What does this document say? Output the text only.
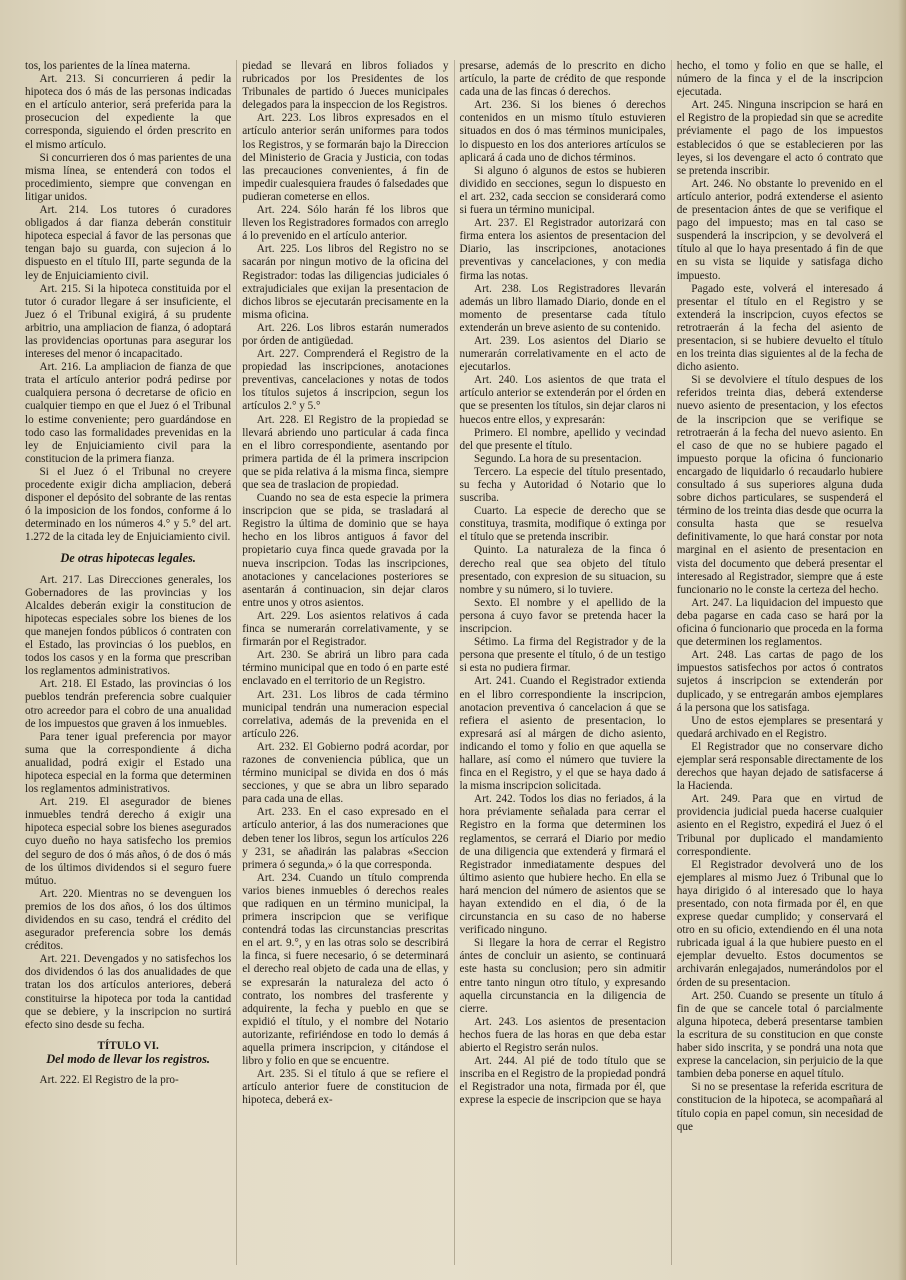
tos, los parientes de la línea materna.

Art. 213. Si concurrieren á pedir la hipoteca dos ó más de las personas indicadas en el artículo anterior, será preferida para la prosecucion del expediente la que corresponda, siguiendo el órden prescrito en el mismo artículo.

Si concurrieren dos ó mas parientes de una misma línea, se entenderá con todos el procedimiento, siempre que convengan en litigar unidos.

Art. 214. Los tutores ó curadores obligados á dar fianza deberán constituir hipoteca especial á favor de las personas que tengan bajo su guarda, con sujecion á lo dispuesto en el título III, parte segunda de la ley de Enjuiciamiento civil.

Art. 215. Si la hipoteca constituida por el tutor ó curador llegare á ser insuficiente, el Juez ó el Tribunal exigirá, á su prudente arbitrio, una ampliacion de fianza, ó adoptará las providencias oportunas para asegurar los intereses del menor ó incapacitado.

Art. 216. La ampliacion de fianza de que trata el artículo anterior podrá pedirse por cualquiera persona ó decretarse de oficio en cualquier tiempo en que el Juez ó el Tribunal lo estime conveniente; pero guardándose en todo caso las formalidades prevenidas en la ley de Enjuiciamiento civil para la constitucion de la primera fianza.

Si el Juez ó el Tribunal no creyere procedente exigir dicha ampliacion, deberá disponer el depósito del sobrante de las rentas ó la imposicion de los fondos, conforme á lo determinado en los números 4.° y 5.° del art. 1.272 de la citada ley de Enjuiciamiento civil.

De otras hipotecas legales.

Art. 217. Las Direcciones generales, los Gobernadores de las provincias y los Alcaldes deberán exigir la constitucion de hipotecas especiales sobre los bienes de los que manejen fondos públicos ó contraten con el Estado, las provincias ó los pueblos, en todos los casos y en la forma que prescriban los reglamentos administrativos.

Art. 218. El Estado, las provincias ó los pueblos tendrán preferencia sobre cualquier otro acreedor para el cobro de una anualidad de los impuestos que graven á los inmuebles.

Para tener igual preferencia por mayor suma que la correspondiente á dicha anualidad, podrá exigir el Estado una hipoteca especial en la forma que determinen los reglamentos administrativos.

Art. 219. El asegurador de bienes inmuebles tendrá derecho á exigir una hipoteca especial sobre los bienes asegurados cuyo dueño no haya satisfecho los premios del seguro de dos ó más años, ó de dos ó más de los últimos dividendos si el seguro fuere mútuo.

Art. 220. Mientras no se devenguen los premios de los dos años, ó los dos últimos dividendos en su caso, tendrá el crédito del asegurador preferencia sobre los demás créditos.

Art. 221. Devengados y no satisfechos los dos dividendos ó las dos anualidades de que tratan los dos artículos anteriores, deberá constituirse la hipoteca por toda la cantidad que se debiere, y la inscripcion no surtirá efecto sino desde su fecha.

TÍTULO VI.

Del modo de llevar los registros.

Art. 222. El Registro de la pro-

piedad se llevará en libros foliados y rubricados por los Presidentes de los Tribunales de partido ó Jueces municipales delegados para la inspeccion de los Registros.

Art. 223. Los libros expresados en el artículo anterior serán uniformes para todos los Registros, y se formarán bajo la Direccion del Ministerio de Gracia y Justicia, con todas las precauciones convenientes, á fin de impedir cualesquiera fraudes ó falsedades que pudieran cometerse en ellos.

Art. 224. Sólo harán fé los libros que lleven los Registradores formados con arreglo á lo prevenido en el artículo anterior.

Art. 225. Los libros del Registro no se sacarán por ningun motivo de la oficina del Registrador: todas las diligencias judiciales ó extrajudiciales que exijan la presentacion de dichos libros se ejecutarán precisamente en la misma oficina.

Art. 226. Los libros estarán numerados por órden de antigüedad.

Art. 227. Comprenderá el Registro de la propiedad las inscripciones, anotaciones preventivas, cancelaciones y notas de todos los títulos sujetos á inscripcion, segun los artículos 2.° y 5.°

Art. 228. El Registro de la propiedad se llevará abriendo uno particular á cada finca en el libro correspondiente, asentando por primera partida de él la primera inscripcion que se pida relativa á la misma finca, siempre que sea de traslacion de propiedad.

Cuando no sea de esta especie la primera inscripcion que se pida, se trasladará al Registro la última de dominio que se haya hecho en los libros antiguos á favor del propietario cuya finca quede gravada por la nueva inscripcion. Todas las inscripciones, anotaciones y cancelaciones posteriores se asentarán á continuacion, sin dejar claros entre unos y otros asientos.

Art. 229. Los asientos relativos á cada finca se numerarán correlativamente, y se firmarán por el Registrador.

Art. 230. Se abrirá un libro para cada término municipal que en todo ó en parte esté enclavado en el territorio de un Registro.

Art. 231. Los libros de cada término municipal tendrán una numeracion especial correlativa, además de la prevenida en el artículo 226.

Art. 232. El Gobierno podrá acordar, por razones de conveniencia pública, que un término municipal se divida en dos ó más secciones, y que se abra un libro separado para cada una de ellas.

Art. 233. En el caso expresado en el artículo anterior, á las dos numeraciones que deben tener los libros, segun los artículos 226 y 231, se añadirán las palabras «Seccion primera ó segunda,» ó la que corresponda.

Art. 234. Cuando un título comprenda varios bienes inmuebles ó derechos reales que radiquen en un término municipal, la primera inscripcion que se verifique contendrá todas las circunstancias prescritas en el art. 9.°, y en las otras solo se describirá la finca, si fuere necesario, ó se determinará el derecho real objeto de cada una de ellas, y se expresarán la naturaleza del acto ó contrato, los nombres del trasferente y adquirente, la fecha y pueblo en que se expidió el título, y el nombre del Notario autorizante, refiriéndose en todo lo demás á aquella primera inscripcion, y citándose el libro y folio en que se encuentre.

Art. 235. Si el título á que se refiere el artículo anterior fuere de constitucion de hipoteca, deberá ex-

presarse, además de lo prescrito en dicho artículo, la parte de crédito de que responde cada una de las fincas ó derechos.

Art. 236. Si los bienes ó derechos contenidos en un mismo título estuvieren situados en dos ó mas términos municipales, lo dispuesto en los dos anteriores artículos se aplicará á cada uno de dichos términos.

Si alguno ó algunos de estos se hubieren dividido en secciones, segun lo dispuesto en el art. 232, cada seccion se considerará como si fuera un término municipal.

Art. 237. El Registrador autorizará con firma entera los asientos de presentacion del Diario, las inscripciones, anotaciones preventivas y cancelaciones, y con media firma las notas.

Art. 238. Los Registradores llevarán además un libro llamado Diario, donde en el momento de presentarse cada título extenderán un breve asiento de su contenido.

Art. 239. Los asientos del Diario se numerarán correlativamente en el acto de ejecutarlos.

Art. 240. Los asientos de que trata el artículo anterior se extenderán por el órden en que se presenten los títulos, sin dejar claros ni huecos entre ellos, y expresarán:

Primero. El nombre, apellido y vecindad del que presente el título.

Segundo. La hora de su presentacion.

Tercero. La especie del título presentado, su fecha y Autoridad ó Notario que lo suscriba.

Cuarto. La especie de derecho que se constituya, trasmita, modifique ó extinga por el título que se pretenda inscribir.

Quinto. La naturaleza de la finca ó derecho real que sea objeto del título presentado, con expresion de su situacion, su nombre y su número, si lo tuviere.

Sexto. El nombre y el apellido de la persona á cuyo favor se pretenda hacer la inscripcion.

Sétimo. La firma del Registrador y de la persona que presente el título, ó de un testigo si esta no pudiera firmar.

Art. 241. Cuando el Registrador extienda en el libro correspondiente la inscripcion, anotacion preventiva ó cancelacion á que se refiera el asiento de presentacion, lo expresará así al márgen de dicho asiento, indicando el tomo y folio en que aquella se hallare, así como el número que tuviere la finca en el Registro, y el que se haya dado á la misma inscripcion solicitada.

Art. 242. Todos los dias no feriados, á la hora préviamente señalada para cerrar el Registro en la forma que determinen los reglamentos, se cerrará el Diario por medio de una diligencia que extenderá y firmará el Registrador inmediatamente despues del último asiento que hubiere hecho. En ella se hará mencion del número de asientos que se hayan extendido en el dia, ó de la circunstancia en su caso de no haberse verificado ninguno.

Si llegare la hora de cerrar el Registro ántes de concluir un asiento, se continuará este hasta su conclusion; pero sin admitir entre tanto ningun otro título, y expresando aquella circunstancia en la diligencia de cierre.

Art. 243. Los asientos de presentacion hechos fuera de las horas en que deba estar abierto el Registro serán nulos.

Art. 244. Al pié de todo título que se inscriba en el Registro de la propiedad pondrá el Registrador una nota, firmada por él, que exprese la especie de inscripcion que se haya

hecho, el tomo y folio en que se halle, el número de la finca y el de la inscripcion ejecutada.

Art. 245. Ninguna inscripcion se hará en el Registro de la propiedad sin que se acredite préviamente el pago de los impuestos establecidos ó que se establecieren por las leyes, si los devengare el acto ó contrato que se pretenda inscribir.

Art. 246. No obstante lo prevenido en el artículo anterior, podrá extenderse el asiento de presentacion ántes de que se verifique el pago del impuesto; mas en tal caso se suspenderá la inscripcion, y se devolverá el título al que lo haya presentado á fin de que en su vista se liquide y satisfaga dicho impuesto.

Pagado este, volverá el interesado á presentar el título en el Registro y se extenderá la inscripcion, cuyos efectos se retrotraerán á la fecha del asiento de presentacion, si se hubiere devuelto el título en los treinta dias siguientes al de la fecha de dicho asiento.

Si se devolviere el título despues de los referidos treinta dias, deberá extenderse nuevo asiento de presentacion, y los efectos de la inscripcion que se verifique se retrotraerán á la fecha del nuevo asiento. En el caso de que no se hubiere pagado el impuesto porque la oficina ó funcionario encargado de liquidarlo ó recaudarlo hubiere consultado á sus superiores alguna duda sobre dichos particulares, se suspenderá el término de los treinta dias desde que ocurra la consulta hasta que se resuelva definitivamente, lo que hará constar por nota marginal en el asiento de presentacion en vista del documento que deberá presentar el interesado al Registrador, siempre que á este funcionario no le conste la certeza del hecho.

Art. 247. La liquidacion del impuesto que deba pagarse en cada caso se hará por la oficina ó funcionario que proceda en la forma que determinen los reglamentos.

Art. 248. Las cartas de pago de los impuestos satisfechos por actos ó contratos sujetos á inscripcion se extenderán por duplicado, y se entregarán ambos ejemplares á la persona que los satisfaga.

Uno de estos ejemplares se presentará y quedará archivado en el Registro.

El Registrador que no conservare dicho ejemplar será responsable directamente de los derechos que hayan dejado de satisfacerse á la Hacienda.

Art. 249. Para que en virtud de providencia judicial pueda hacerse cualquier asiento en el Registro, expedirá el Juez ó el Tribunal por duplicado el mandamiento correspondiente.

El Registrador devolverá uno de los ejemplares al mismo Juez ó Tribunal que lo haya dirigido ó al interesado que lo haya presentado, con nota firmada por él, en que exprese quedar cumplido; y conservará el otro en su oficio, extendiendo en él una nota rubricada igual á la que hubiere puesto en el ejemplar devuelto. Estos documentos se archivarán enlegajados, numerándolos por el órden de su presentacion.

Art. 250. Cuando se presente un título á fin de que se cancele total ó parcialmente alguna hipoteca, deberá presentarse tambien la escritura de su constitucion en que conste haber sido inscrita, y se pondrá una nota que exprese la cancelacion, sin perjuicio de la que tambien deba ponerse en aquel título.

Si no se presentase la referida escritura de constitucion de la hipoteca, se acompañará al título copia en papel comun, sin necesidad de que
